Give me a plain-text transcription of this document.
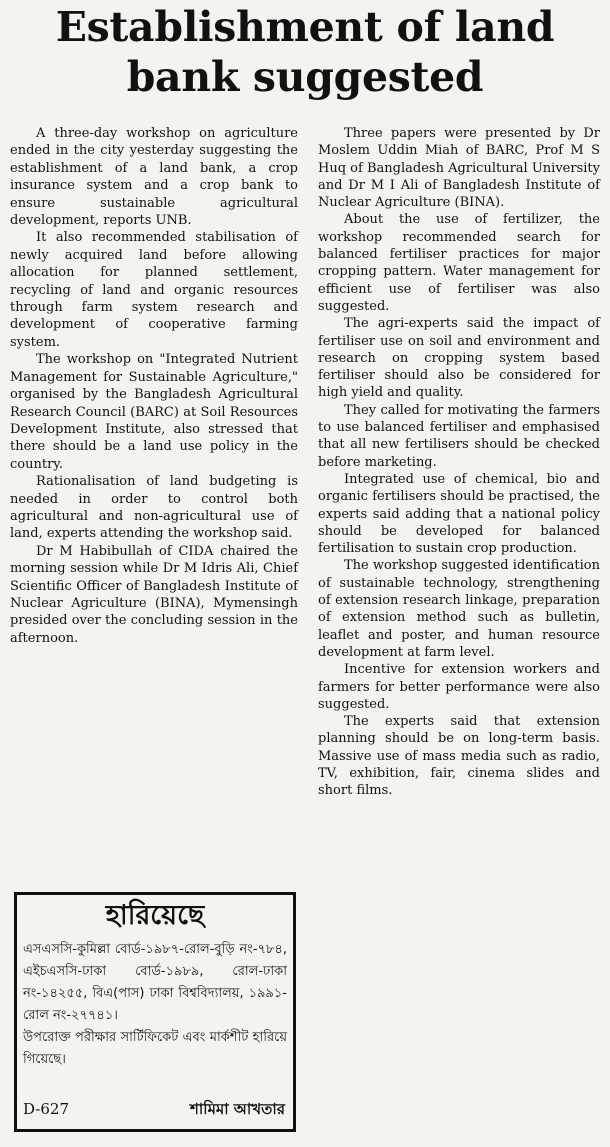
Establishment of land
bank suggested

A three-day workshop on agriculture ended in the city yesterday suggesting the establishment of a land bank, a crop insurance system and a crop bank to ensure sustainable agricultural development, reports UNB.

It also recommended stabilisation of newly acquired land before allowing allocation for planned settlement, recycling of land and organic resources through farm system research and development of cooperative farming system.

The workshop on "Integrated Nutrient Management for Sustainable Agriculture," organised by the Bangladesh Agricultural Research Council (BARC) at Soil Resources Development Institute, also stressed that there should be a land use policy in the country.

Rationalisation of land budgeting is needed in order to control both agricultural and non-agricultural use of land, experts attending the workshop said.

Dr M Habibullah of CIDA chaired the morning session while Dr M Idris Ali, Chief Scientific Officer of Bangladesh Institute of Nuclear Agriculture (BINA), Mymensingh presided over the concluding session in the afternoon.

Three papers were presented by Dr Moslem Uddin Miah of BARC, Prof M S Huq of Bangladesh Agricultural University and Dr M I Ali of Bangladesh Institute of Nuclear Agriculture (BINA).

About the use of fertilizer, the workshop recommended search for balanced fertiliser practices for major cropping pattern. Water management for efficient use of fertiliser was also suggested.

The agri-experts said the impact of fertiliser use on soil and environment and research on cropping system based fertiliser should also be considered for high yield and quality.

They called for motivating the farmers to use balanced fertiliser and emphasised that all new fertilisers should be checked before marketing.

Integrated use of chemical, bio and organic fertilisers should be practised, the experts said adding that a national policy should be developed for balanced fertilisation to sustain crop production.

The workshop suggested identification of sustainable technology, strengthening of extension research linkage, preparation of extension method such as bulletin, leaflet and poster, and human resource development at farm level.

Incentive for extension workers and farmers for better performance were also suggested.

The experts said that extension planning should be on long-term basis. Massive use of mass media such as radio, TV, exhibition, fair, cinema slides and short films.

হারিয়েছে

এসএসসি-কুমিল্লা বোর্ড-১৯৮৭-রোল-বুড়ি নং-৭৮৪, এইচএসসি-ঢাকা বোর্ড-১৯৮৯, রোল-ঢাকা নং-১৪২৫৫, বিএ(পাস) ঢাকা বিশ্ববিদ্যালয়, ১৯৯১-রোল নং-২৭৭৪১।

উপরোক্ত পরীক্ষার সার্টিফিকেট এবং মার্কশীট হারিয়ে গিয়েছে।

D-627	শামিমা আখতার
